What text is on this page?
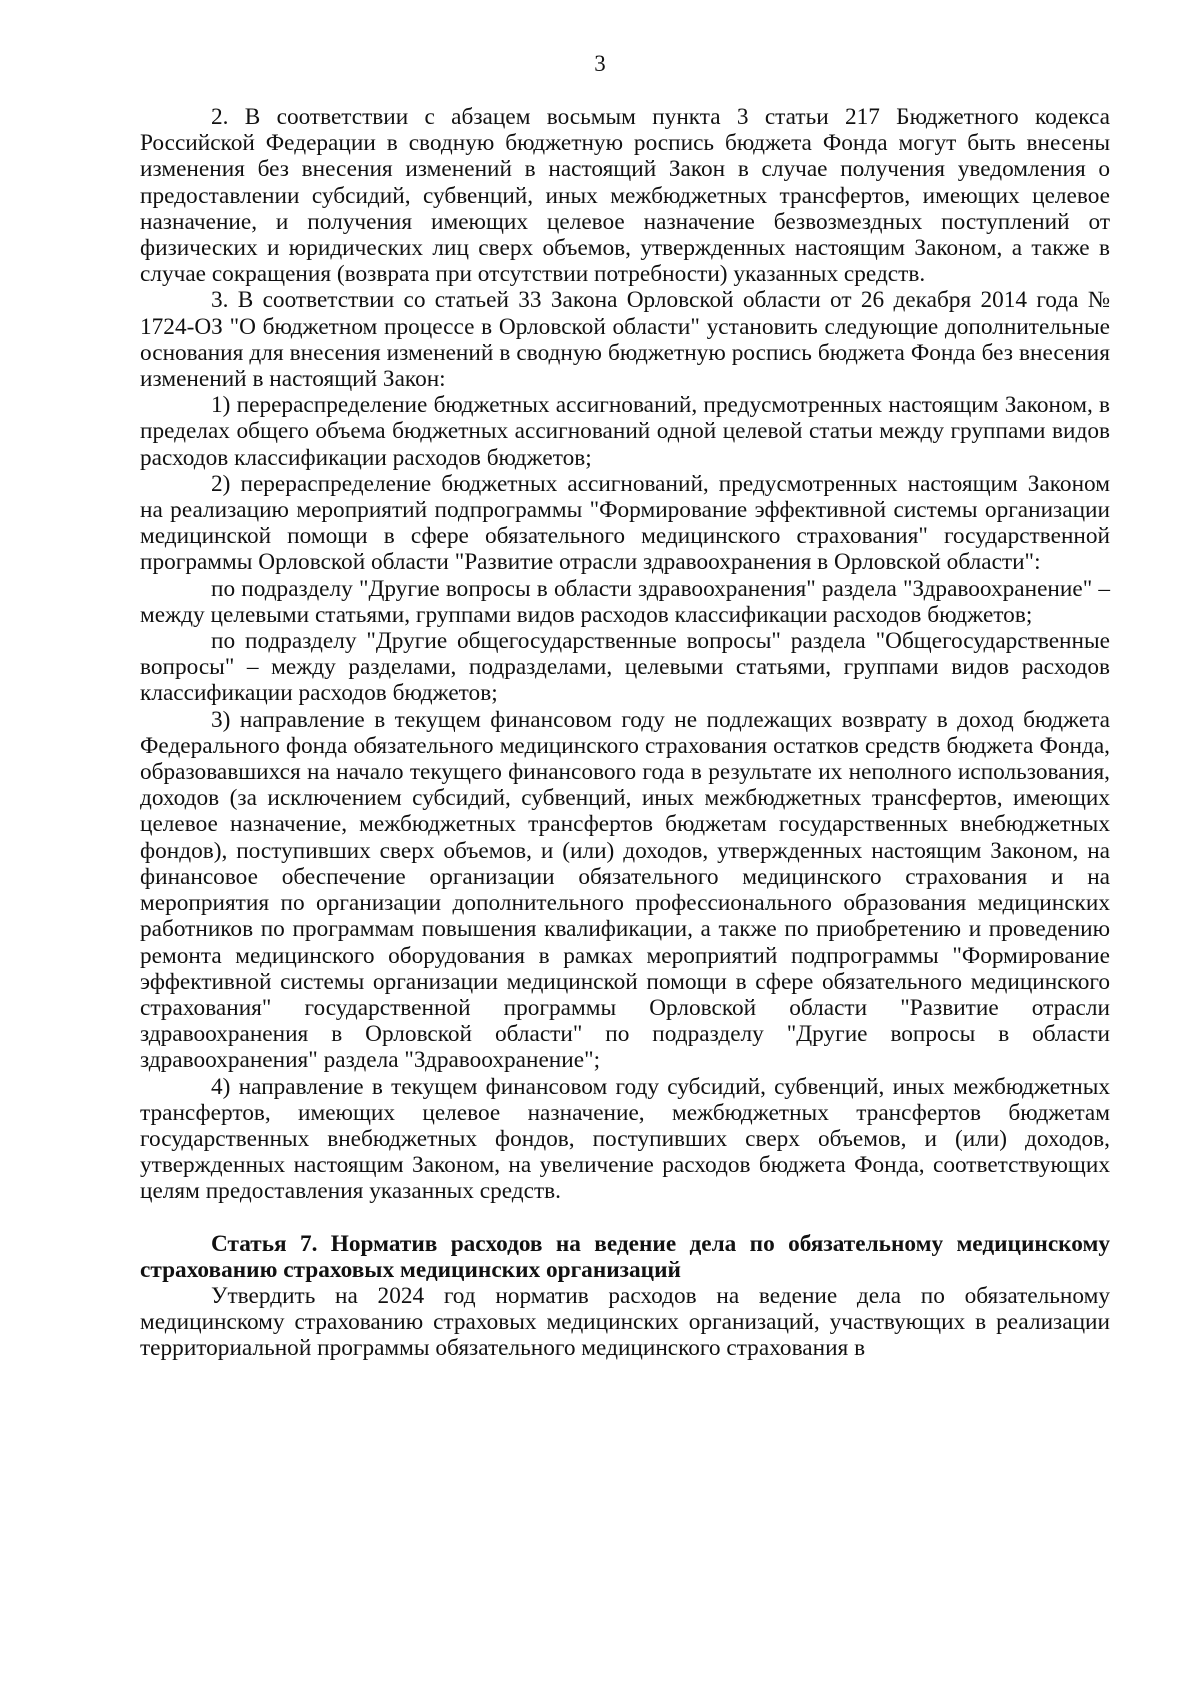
3

2. В соответствии с абзацем восьмым пункта 3 статьи 217 Бюджетного кодекса Российской Федерации в сводную бюджетную роспись бюджета Фонда могут быть внесены изменения без внесения изменений в настоящий Закон в случае получения уведомления о предоставлении субсидий, субвенций, иных межбюджетных трансфертов, имеющих целевое назначение, и получения имеющих целевое назначение безвозмездных поступлений от физических и юридических лиц сверх объемов, утвержденных настоящим Законом, а также в случае сокращения (возврата при отсутствии потребности) указанных средств.

3. В соответствии со статьей 33 Закона Орловской области от 26 декабря 2014 года № 1724-ОЗ "О бюджетном процессе в Орловской области" установить следующие дополнительные основания для внесения изменений в сводную бюджетную роспись бюджета Фонда без внесения изменений в настоящий Закон:

1) перераспределение бюджетных ассигнований, предусмотренных настоящим Законом, в пределах общего объема бюджетных ассигнований одной целевой статьи между группами видов расходов классификации расходов бюджетов;

2) перераспределение бюджетных ассигнований, предусмотренных настоящим Законом на реализацию мероприятий подпрограммы "Формирование эффективной системы организации медицинской помощи в сфере обязательного медицинского страхования" государственной программы Орловской области "Развитие отрасли здравоохранения в Орловской области":

по подразделу "Другие вопросы в области здравоохранения" раздела "Здравоохранение" – между целевыми статьями, группами видов расходов классификации расходов бюджетов;

по подразделу "Другие общегосударственные вопросы" раздела "Общегосударственные вопросы" – между разделами, подразделами, целевыми статьями, группами видов расходов классификации расходов бюджетов;

3) направление в текущем финансовом году не подлежащих возврату в доход бюджета Федерального фонда обязательного медицинского страхования остатков средств бюджета Фонда, образовавшихся на начало текущего финансового года в результате их неполного использования, доходов (за исключением субсидий, субвенций, иных межбюджетных трансфертов, имеющих целевое назначение, межбюджетных трансфертов бюджетам государственных внебюджетных фондов), поступивших сверх объемов, и (или) доходов, утвержденных настоящим Законом, на финансовое обеспечение организации обязательного медицинского страхования и на мероприятия по организации дополнительного профессионального образования медицинских работников по программам повышения квалификации, а также по приобретению и проведению ремонта медицинского оборудования в рамках мероприятий подпрограммы "Формирование эффективной системы организации медицинской помощи в сфере обязательного медицинского страхования" государственной программы Орловской области "Развитие отрасли здравоохранения в Орловской области" по подразделу "Другие вопросы в области здравоохранения" раздела "Здравоохранение";

4) направление в текущем финансовом году субсидий, субвенций, иных межбюджетных трансфертов, имеющих целевое назначение, межбюджетных трансфертов бюджетам государственных внебюджетных фондов, поступивших сверх объемов, и (или) доходов, утвержденных настоящим Законом, на увеличение расходов бюджета Фонда, соответствующих целям предоставления указанных средств.

Статья 7. Норматив расходов на ведение дела по обязательному медицинскому страхованию страховых медицинских организаций

Утвердить на 2024 год норматив расходов на ведение дела по обязательному медицинскому страхованию страховых медицинских организаций, участвующих в реализации территориальной программы обязательного медицинского страхования в
